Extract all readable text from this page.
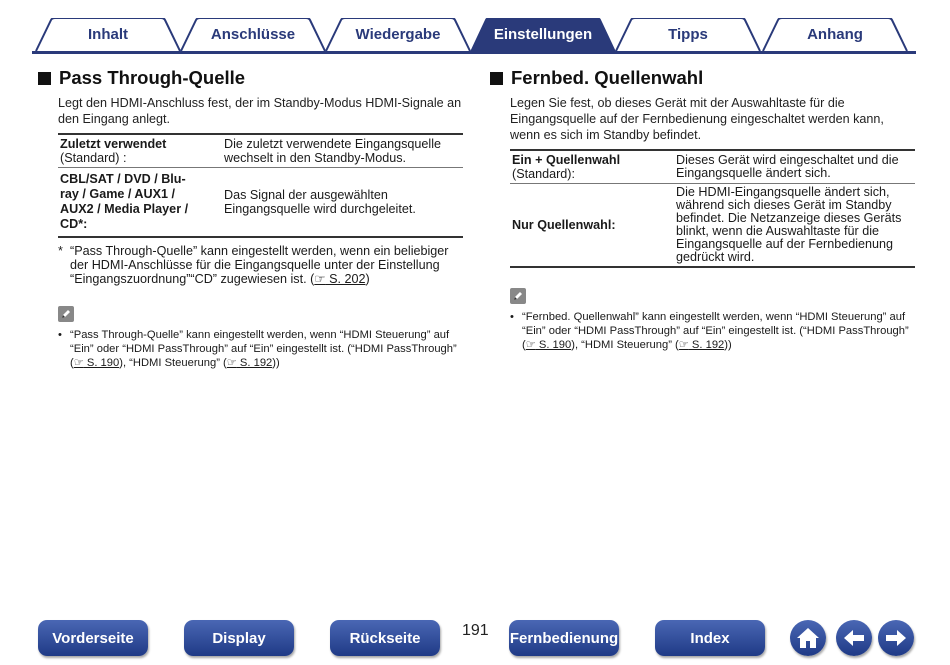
Inhalt	Anschlüsse	Wiedergabe	Einstellungen	Tipps	Anhang
Pass Through-Quelle
Legt den HDMI-Anschluss fest, der im Standby-Modus HDMI-Signale an den Eingang anlegt.
Zuletzt verwendet
(Standard) :	Die zuletzt verwendete Eingangsquelle wechselt in den Standby-Modus.

CBL/SAT / DVD / Blu-ray / Game / AUX1 / AUX2 / Media Player / CD*:	Das Signal der ausgewählten Eingangsquelle wird durchgeleitet.
* “Pass Through-Quelle” kann eingestellt werden, wenn ein beliebiger der HDMI-Anschlüsse für die Eingangsquelle unter der Einstellung “Eingangszuordnung”“CD” zugewiesen ist. (☞ S. 202)
• “Pass Through-Quelle” kann eingestellt werden, wenn “HDMI Steuerung” auf “Ein” oder “HDMI PassThrough” auf “Ein” eingestellt ist. (“HDMI PassThrough” (☞ S. 190), “HDMI Steuerung” (☞ S. 192))
Fernbed. Quellenwahl
Legen Sie fest, ob dieses Gerät mit der Auswahltaste für die Eingangsquelle auf der Fernbedienung eingeschaltet werden kann, wenn es sich im Standby befindet.
Ein + Quellenwahl
(Standard):	Dieses Gerät wird eingeschaltet und die Eingangsquelle ändert sich.

Nur Quellenwahl:	Die HDMI-Eingangsquelle ändert sich, während sich dieses Gerät im Standby befindet. Die Netzanzeige dieses Geräts blinkt, wenn die Auswahltaste für die Eingangsquelle auf der Fernbedienung gedrückt wird.
• “Fernbed. Quellenwahl” kann eingestellt werden, wenn “HDMI Steuerung” auf “Ein” oder “HDMI PassThrough” auf “Ein” eingestellt ist. (“HDMI PassThrough” (☞ S. 190), “HDMI Steuerung” (☞ S. 192))
Vorderseite	Display	Rückseite	191 Fernbedienung	Index
